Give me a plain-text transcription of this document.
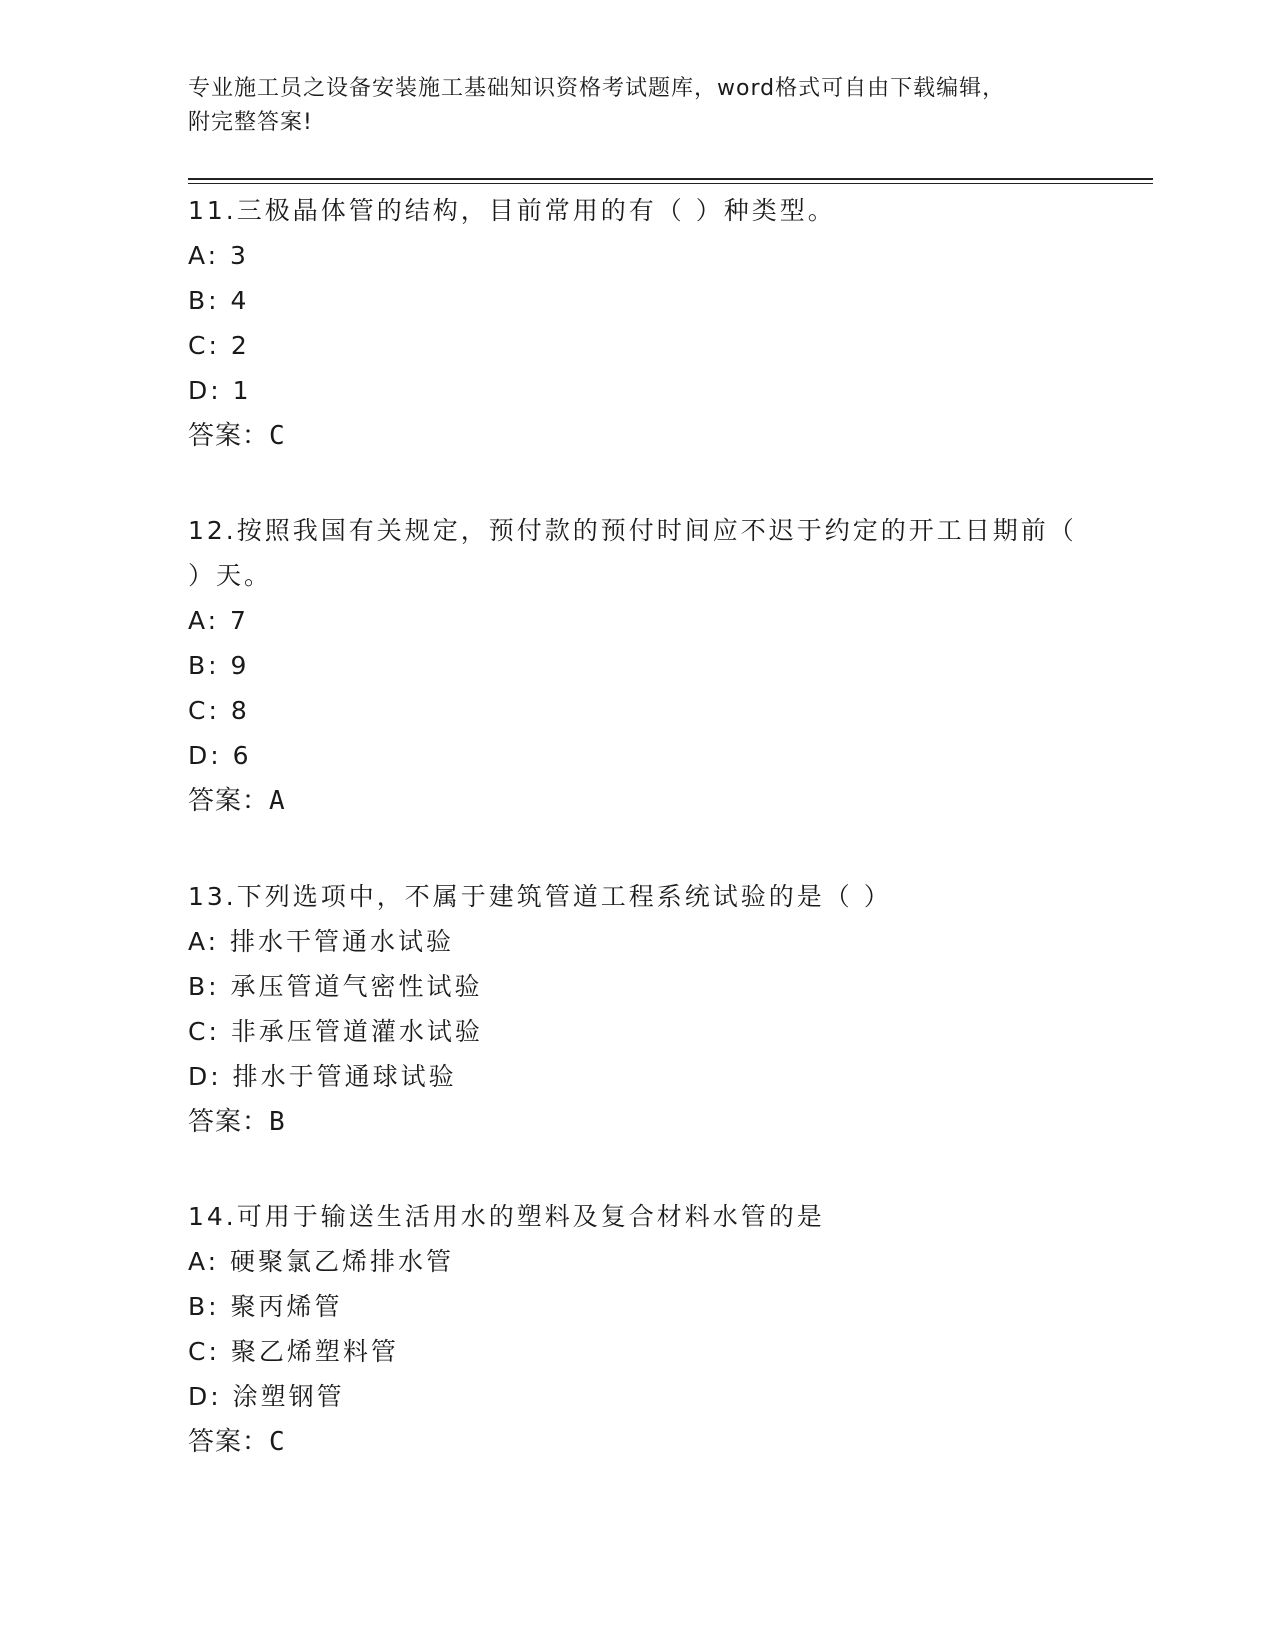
专业施工员之设备安装施工基础知识资格考试题库，word格式可自由下载编辑，
附完整答案!

11.三极晶体管的结构，目前常用的有（ ）种类型。

A: 3

B: 4

C: 2

D: 1

答案：C

12.按照我国有关规定，预付款的预付时间应不迟于约定的开工日期前（ ）天。

A: 7

B: 9

C: 8

D: 6

答案：A

13.下列选项中，不属于建筑管道工程系统试验的是（ ）

A: 排水干管通水试验

B: 承压管道气密性试验

C: 非承压管道灌水试验

D: 排水于管通球试验

答案：B

14.可用于输送生活用水的塑料及复合材料水管的是

A: 硬聚氯乙烯排水管

B: 聚丙烯管

C: 聚乙烯塑料管

D: 涂塑钢管

答案：C
